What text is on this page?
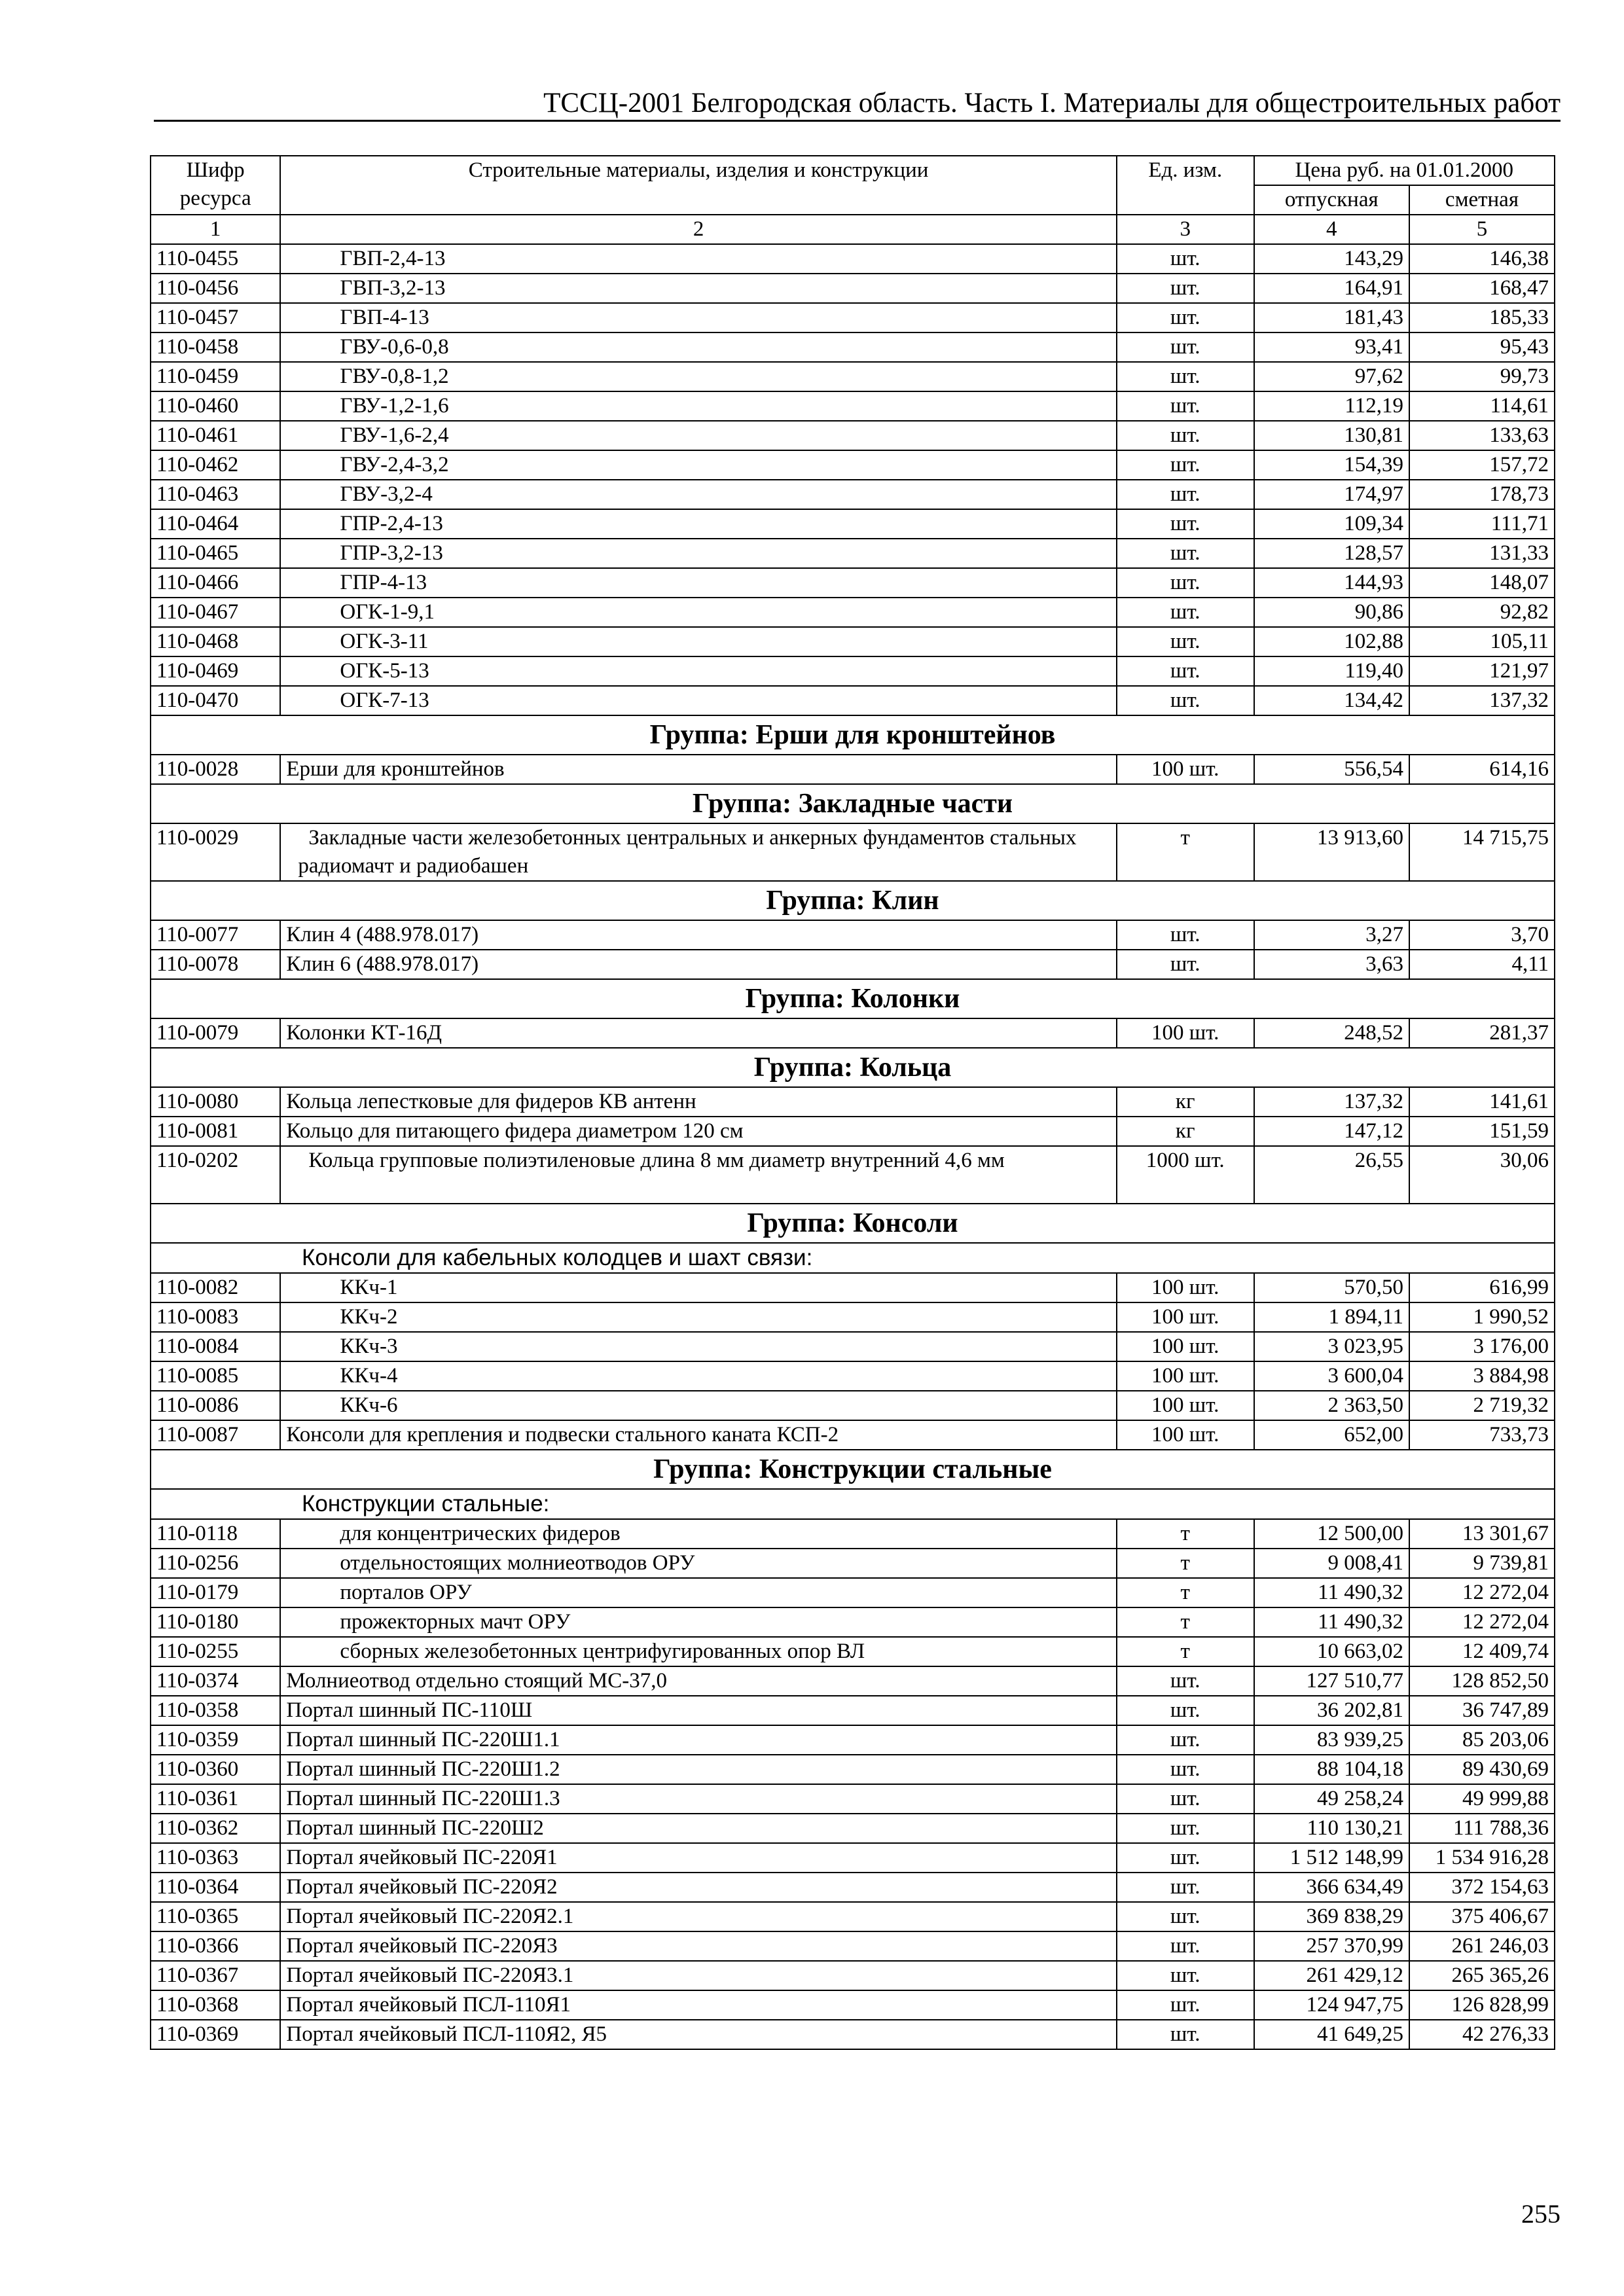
ТССЦ-2001 Белгородская область. Часть I. Материалы для общестроительных работ
Шифр ресурса	Строительные материалы, изделия и конструкции	Ед. изм.	Цена руб. на 01.01.2000	
			отпускная	сметная
1	2	3	4	5
110-0455	ГВП-2,4-13	шт.	143,29	146,38
110-0456	ГВП-3,2-13	шт.	164,91	168,47
110-0457	ГВП-4-13	шт.	181,43	185,33
110-0458	ГВУ-0,6-0,8	шт.	93,41	95,43
110-0459	ГВУ-0,8-1,2	шт.	97,62	99,73
110-0460	ГВУ-1,2-1,6	шт.	112,19	114,61
110-0461	ГВУ-1,6-2,4	шт.	130,81	133,63
110-0462	ГВУ-2,4-3,2	шт.	154,39	157,72
110-0463	ГВУ-3,2-4	шт.	174,97	178,73
110-0464	ГПР-2,4-13	шт.	109,34	111,71
110-0465	ГПР-3,2-13	шт.	128,57	131,33
110-0466	ГПР-4-13	шт.	144,93	148,07
110-0467	ОГК-1-9,1	шт.	90,86	92,82
110-0468	ОГК-3-11	шт.	102,88	105,11
110-0469	ОГК-5-13	шт.	119,40	121,97
110-0470	ОГК-7-13	шт.	134,42	137,32
Группа: Ерши для кронштейнов				
110-0028	Ерши для кронштейнов	100 шт.	556,54	614,16
Группа: Закладные части				
110-0029	Закладные части железобетонных центральных и анкерных фундаментов стальных радиомачт и радиобашен	т	13 913,60	14 715,75
Группа: Клин				
110-0077	Клин 4 (488.978.017)	шт.	3,27	3,70
110-0078	Клин 6 (488.978.017)	шт.	3,63	4,11
Группа: Колонки				
110-0079	Колонки КТ-16Д	100 шт.	248,52	281,37
Группа: Кольца				
110-0080	Кольца лепестковые для фидеров КВ антенн	кг	137,32	141,61
110-0081	Кольцо для питающего фидера диаметром 120 см	кг	147,12	151,59
110-0202	Кольца групповые полиэтиленовые длина 8 мм диаметр внутренний 4,6 мм	1000 шт.	26,55	30,06
Группа: Консоли				
Консоли для кабельных колодцев и шахт связи:				
110-0082	ККч-1	100 шт.	570,50	616,99
110-0083	ККч-2	100 шт.	1 894,11	1 990,52
110-0084	ККч-3	100 шт.	3 023,95	3 176,00
110-0085	ККч-4	100 шт.	3 600,04	3 884,98
110-0086	ККч-6	100 шт.	2 363,50	2 719,32
110-0087	Консоли для крепления и подвески стального каната КСП-2	100 шт.	652,00	733,73
Группа: Конструкции стальные				
Конструкции стальные:				
110-0118	для концентрических фидеров	т	12 500,00	13 301,67
110-0256	отдельностоящих молниеотводов ОРУ	т	9 008,41	9 739,81
110-0179	порталов ОРУ	т	11 490,32	12 272,04
110-0180	прожекторных мачт ОРУ	т	11 490,32	12 272,04
110-0255	сборных железобетонных центрифугированных опор ВЛ	т	10 663,02	12 409,74
110-0374	Молниеотвод отдельно стоящий МС-37,0	шт.	127 510,77	128 852,50
110-0358	Портал шинный ПС-110Ш	шт.	36 202,81	36 747,89
110-0359	Портал шинный ПС-220Ш1.1	шт.	83 939,25	85 203,06
110-0360	Портал шинный ПС-220Ш1.2	шт.	88 104,18	89 430,69
110-0361	Портал шинный ПС-220Ш1.3	шт.	49 258,24	49 999,88
110-0362	Портал шинный ПС-220Ш2	шт.	110 130,21	111 788,36
110-0363	Портал ячейковый ПС-220Я1	шт.	1 512 148,99	1 534 916,28
110-0364	Портал ячейковый ПС-220Я2	шт.	366 634,49	372 154,63
110-0365	Портал ячейковый ПС-220Я2.1	шт.	369 838,29	375 406,67
110-0366	Портал ячейковый ПС-220Я3	шт.	257 370,99	261 246,03
110-0367	Портал ячейковый ПС-220Я3.1	шт.	261 429,12	265 365,26
110-0368	Портал ячейковый ПСЛ-110Я1	шт.	124 947,75	126 828,99
110-0369	Портал ячейковый ПСЛ-110Я2, Я5	шт.	41 649,25	42 276,33
255
